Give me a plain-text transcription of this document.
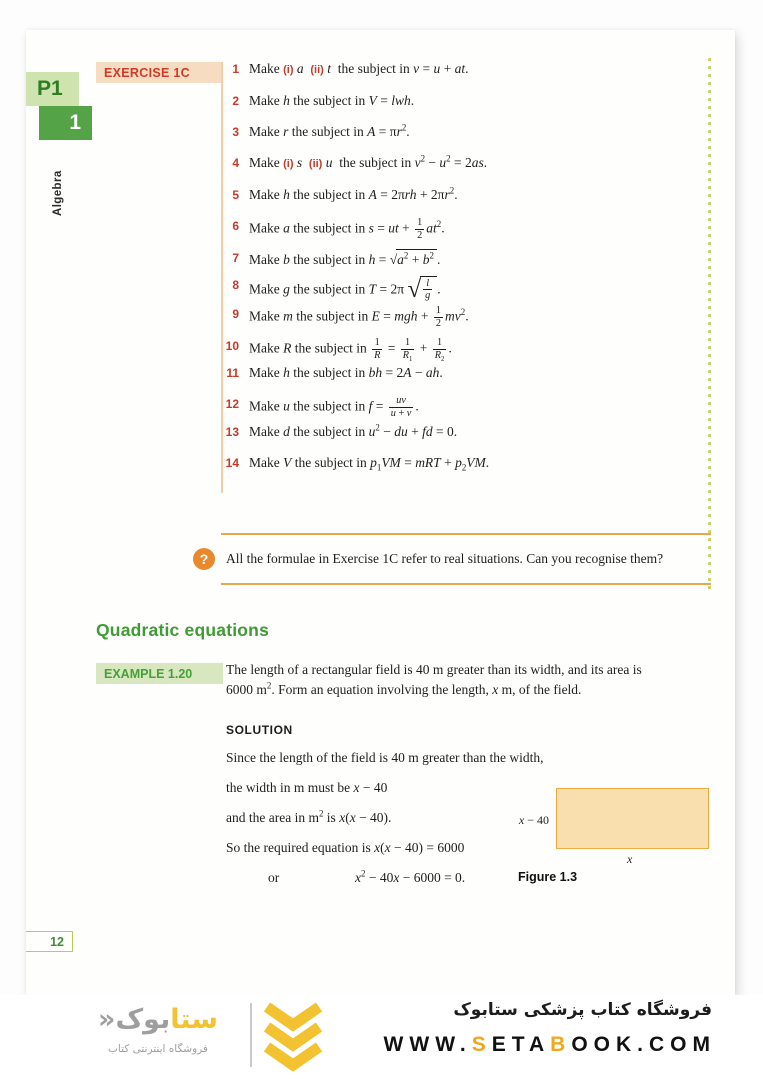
P1
1
Algebra
EXERCISE 1C	1 Make (i) a (ii) t  the subject in v = u + at.
2 Make h the subject in V = lwh.
3 Make r the subject in $A = \pi r^2$.
4 Make (i) s (ii) u  the subject in $v^2 - u^2 = 2as$.
5 Make h the subject in $A = 2\pi rh + 2\pi r^2$.
6 Make a the subject in s = ut + $\frac{1}{2} at^2$.
7 Make b the subject in $h = √a^2 + b^2$ .
8 Make g the subject in T = 2π √ $\frac{l}{g}$ .
9 Make m the subject in E = mgh + $\frac{1}{2} mv^2$.
10 Make R the subject in $\frac{1}{R} = \frac{1}{R_1} + \frac{1}{R_2}$ .
11 Make h the subject in bh = 2A − ah.
12 Make u the subject in $f = \frac{uv}{u + v}$ .
13 Make d the subject in $u^2$ − du + fd = 0.
14 Make V the subject in $p_1VM$ = mRT + $p_2VM$.
?	All the formulae in Exercise 1C refer to real situations. Can you recognise them?
Quadratic equations
EXAMPLE 1.20	The length of a rectangular field is 40 m greater than its width, and its area is
6000 $m^2$. Form an equation involving the length, x m, of the field.
SOLUTION
Since the length of the field is 40 m greater than the width,
the width in m must be x − 40
and the area in $m^2$ is x(x − 40).
So the required equation is x(x − 40) = 6000
or	$x^2 - 40x - 6000 = 0$.	Figure 1.3
x − 40
x
12
ستابوک«
فروشگاه اینترنتی کتاب
فروشگاه کتاب پزشکی ستابوک
WWW.SETABOOK.COM
